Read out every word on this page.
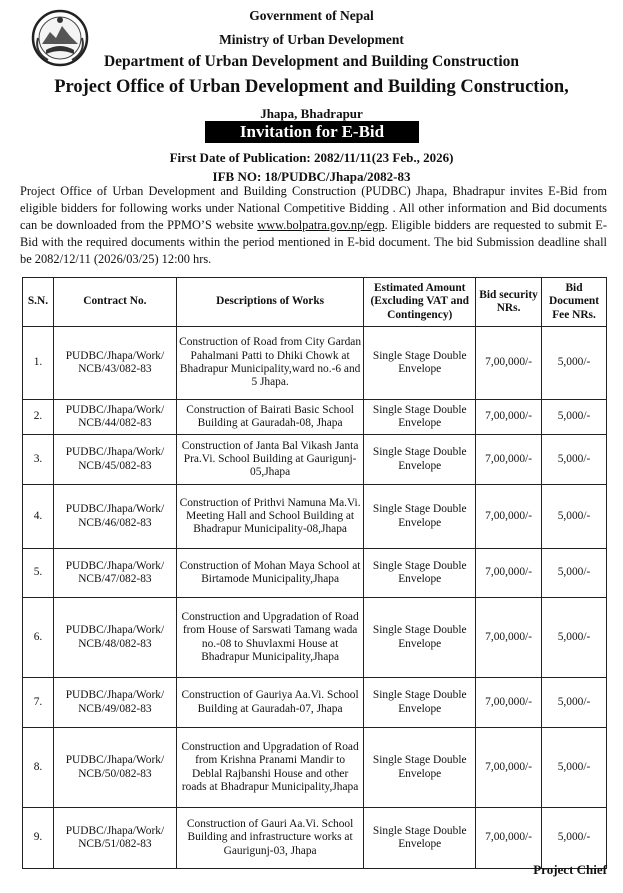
Government of Nepal
Ministry of Urban Development
Department of Urban Development and Building Construction
Project Office of Urban Development and Building Construction,
Jhapa, Bhadrapur
Invitation for E-Bid
First Date of Publication: 2082/11/11(23 Feb., 2026)
IFB NO: 18/PUDBC/Jhapa/2082-83
Project Office of Urban Development and Building Construction (PUDBC) Jhapa, Bhadrapur invites E-Bid from eligible bidders for following works under National Competitive Bidding . All other information and Bid documents can be downloaded from the PPMO’S website www.bolpatra.gov.np/egp. Eligible bidders are requested to submit E-Bid with the required documents within the period mentioned in E-bid document. The bid Submission deadline shall be 2082/12/11 (2026/03/25) 12:00 hrs.
S.N.	Contract No.	Descriptions of Works	Estimated Amount (Excluding VAT and Contingency)	Bid security NRs.	Bid Document Fee NRs.
1.	PUDBC/Jhapa/Work/ NCB/43/082-83	Construction of Road from City Gardan Pahalmani Patti to Dhiki Chowk at Bhadrapur Municipality,ward no.-6 and 5 Jhapa.	Single Stage Double Envelope	7,00,000/-	5,000/-
2.	PUDBC/Jhapa/Work/ NCB/44/082-83	Construction of Bairati Basic School Building at Gauradah-08, Jhapa	Single Stage Double Envelope	7,00,000/-	5,000/-
3.	PUDBC/Jhapa/Work/ NCB/45/082-83	Construction of Janta Bal Vikash Janta Pra.Vi. School Building at Gaurigunj-05,Jhapa	Single Stage Double Envelope	7,00,000/-	5,000/-
4.	PUDBC/Jhapa/Work/ NCB/46/082-83	Construction of Prithvi Namuna Ma.Vi. Meeting Hall and School Building at Bhadrapur Municipality-08,Jhapa	Single Stage Double Envelope	7,00,000/-	5,000/-
5.	PUDBC/Jhapa/Work/ NCB/47/082-83	Construction of Mohan Maya School at Birtamode Municipality,Jhapa	Single Stage Double Envelope	7,00,000/-	5,000/-
6.	PUDBC/Jhapa/Work/ NCB/48/082-83	Construction and Upgradation of Road from House of Sarswati Tamang wada no.-08 to Shuvlaxmi House at Bhadrapur Municipality,Jhapa	Single Stage Double Envelope	7,00,000/-	5,000/-
7.	PUDBC/Jhapa/Work/ NCB/49/082-83	Construction of Gauriya Aa.Vi. School Building at Gauradah-07, Jhapa	Single Stage Double Envelope	7,00,000/-	5,000/-
8.	PUDBC/Jhapa/Work/ NCB/50/082-83	Construction and Upgradation of Road from Krishna Pranami Mandir to Deblal Rajbanshi House and other roads at Bhadrapur Municipality,Jhapa	Single Stage Double Envelope	7,00,000/-	5,000/-
9.	PUDBC/Jhapa/Work/ NCB/51/082-83	Construction of Gauri Aa.Vi. School Building and infrastructure works at Gaurigunj-03, Jhapa	Single Stage Double Envelope	7,00,000/-	5,000/-
Project Chief
